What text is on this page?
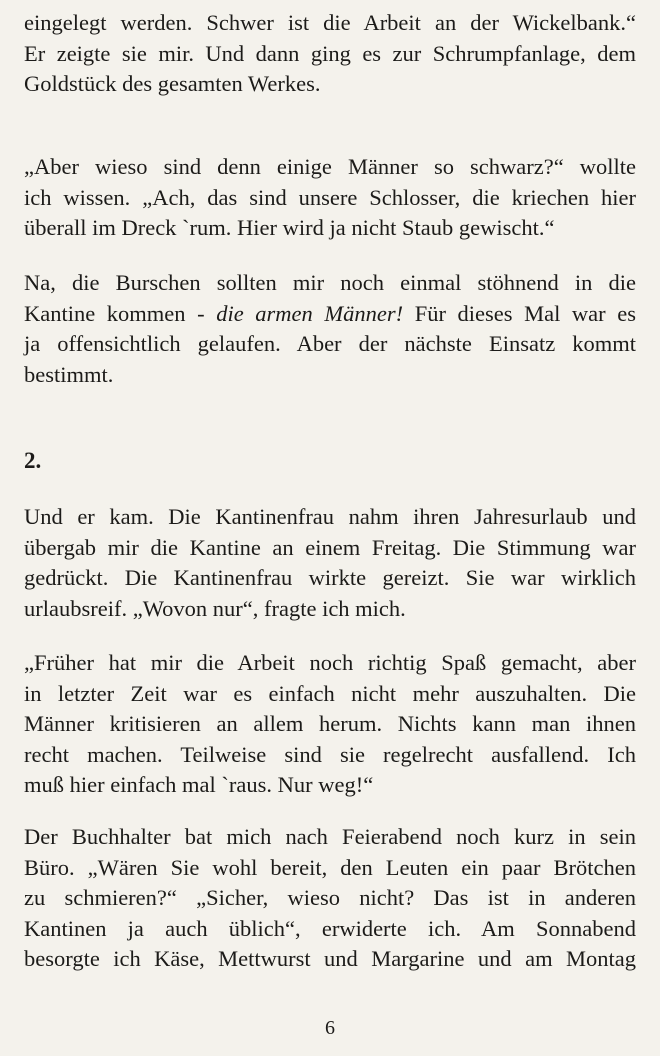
eingelegt werden. Schwer ist die Arbeit an der Wickelbank.“
Er zeigte sie mir. Und dann ging es zur Schrumpfanlage, dem
Goldstück des gesamten Werkes.

„Aber wieso sind denn einige Männer so schwarz?“ wollte
ich wissen. „Ach, das sind unsere Schlosser, die kriechen hier
überall im Dreck `rum. Hier wird ja nicht Staub gewischt.“

Na, die Burschen sollten mir noch einmal stöhnend in die
Kantine kommen - die armen Männer! Für dieses Mal war es
ja offensichtlich gelaufen. Aber der nächste Einsatz kommt
bestimmt.

2.

Und er kam. Die Kantinenfrau nahm ihren Jahresurlaub und
übergab mir die Kantine an einem Freitag. Die Stimmung war
gedrückt. Die Kantinenfrau wirkte gereizt. Sie war wirklich
urlaubsreif. „Wovon nur“, fragte ich mich.

„Früher hat mir die Arbeit noch richtig Spaß gemacht, aber
in letzter Zeit war es einfach nicht mehr auszuhalten. Die
Männer kritisieren an allem herum. Nichts kann man ihnen
recht machen. Teilweise sind sie regelrecht ausfallend. Ich
muß hier einfach mal `raus. Nur weg!“

Der Buchhalter bat mich nach Feierabend noch kurz in sein
Büro. „Wären Sie wohl bereit, den Leuten ein paar Brötchen
zu schmieren?“ „Sicher, wieso nicht? Das ist in anderen
Kantinen ja auch üblich“, erwiderte ich. Am Sonnabend
besorgte ich Käse, Mettwurst und Margarine und am Montag

6
